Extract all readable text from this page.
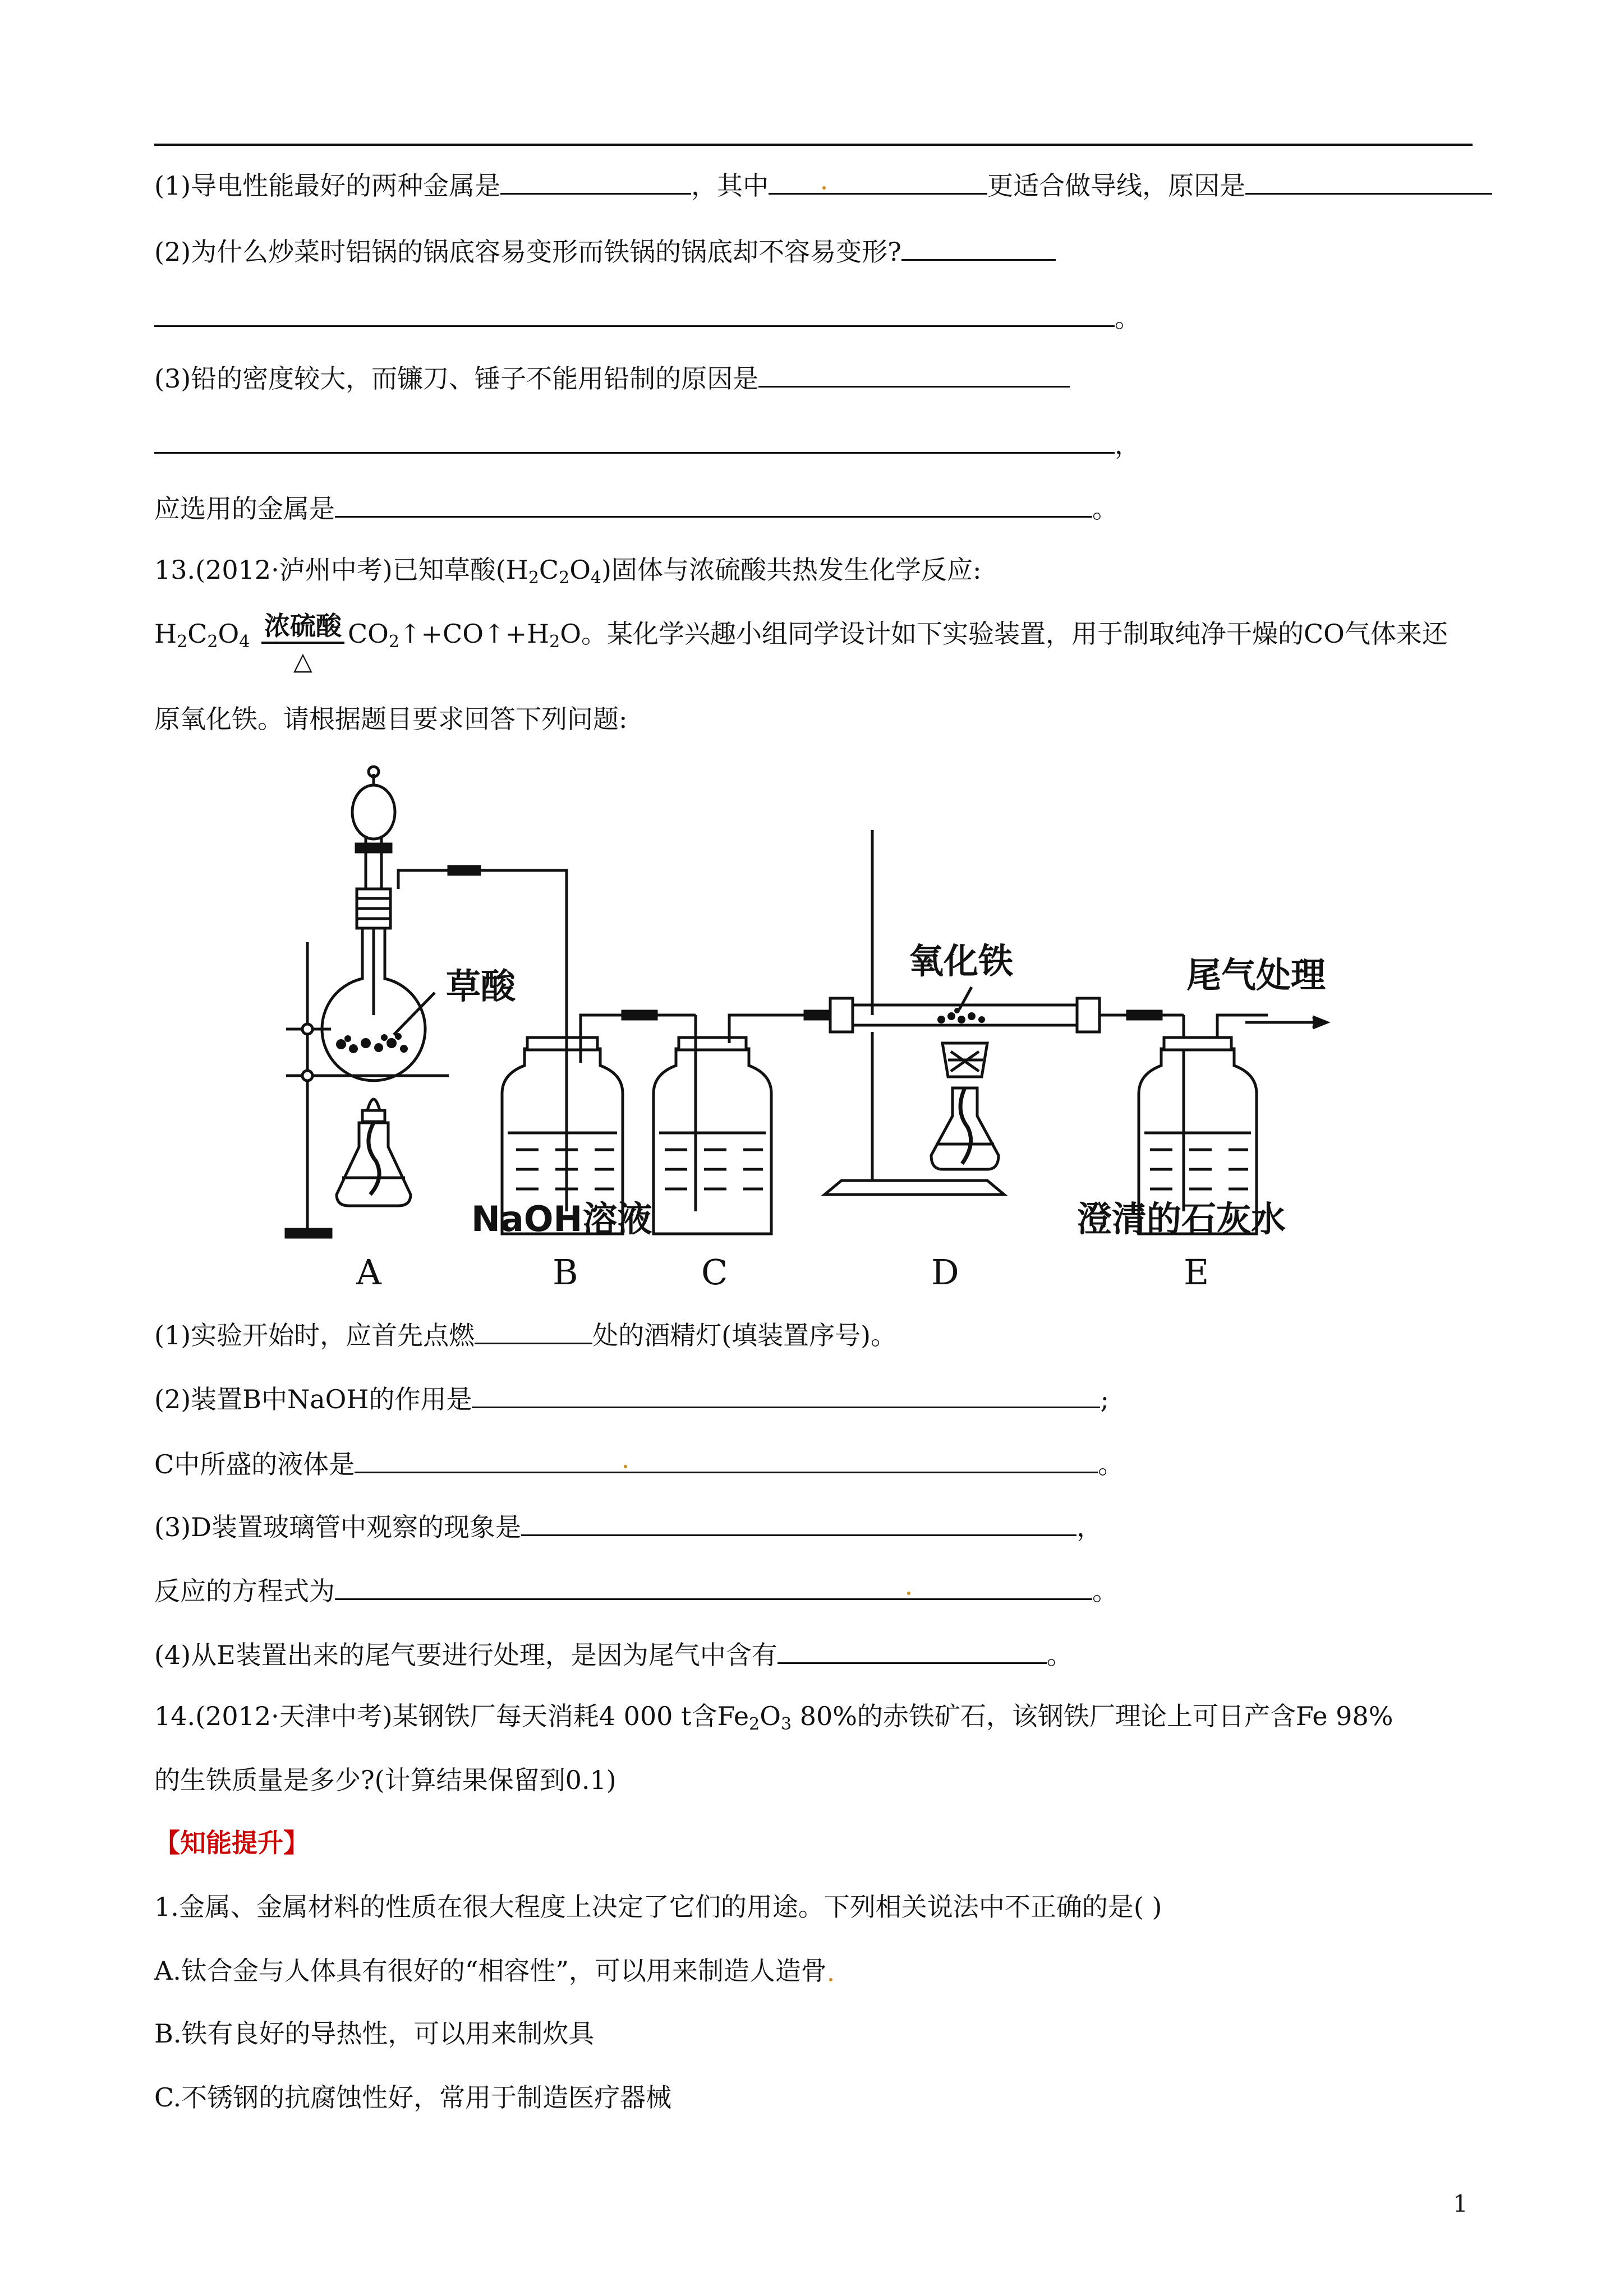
(1)导电性能最好的两种金属是	，其中	更适合做导线，原因是
(2)为什么炒菜时铝锅的锅底容易变形而铁锅的锅底却不容易变形?
。
(3)铅的密度较大，而镰刀、锤子不能用铅制的原因是
，
应选用的金属是	。
13.(2012·泸州中考)已知草酸$(H_2C_2O_4)$固体与浓硫酸共热发生化学反应:
$H_2C_2O_4$
浓硫酸
△
$CO_2↑+CO↑+H_2O$。某化学兴趣小组同学设计如下实验装置，用于制取纯净干燥的CO气体来还
原氧化铁。请根据题目要求回答下列问题:
草酸
氧化铁	尾气处理
NaOH溶液	澄清的石灰水
A	B	C	D	E
(1)实验开始时，应首先点燃	处的酒精灯(填装置序号)。
(2)装置B中NaOH的作用是	;
C中所盛的液体是	。
(3)D装置玻璃管中观察的现象是	，
反应的方程式为	。
(4)从E装置出来的尾气要进行处理，是因为尾气中含有	。
14.(2012·天津中考)某钢铁厂每天消耗4 000 t含$Fe_2O_3$ 80%的赤铁矿石，该钢铁厂理论上可日产含Fe 98%
的生铁质量是多少?(计算结果保留到0.1)
【知能提升】
1.金属、金属材料的性质在很大程度上决定了它们的用途。下列相关说法中不正确的是( )
A.钛合金与人体具有很好的“相容性”，可以用来制造人造骨
B.铁有良好的导热性，可以用来制炊具
C.不锈钢的抗腐蚀性好，常用于制造医疗器械
1
